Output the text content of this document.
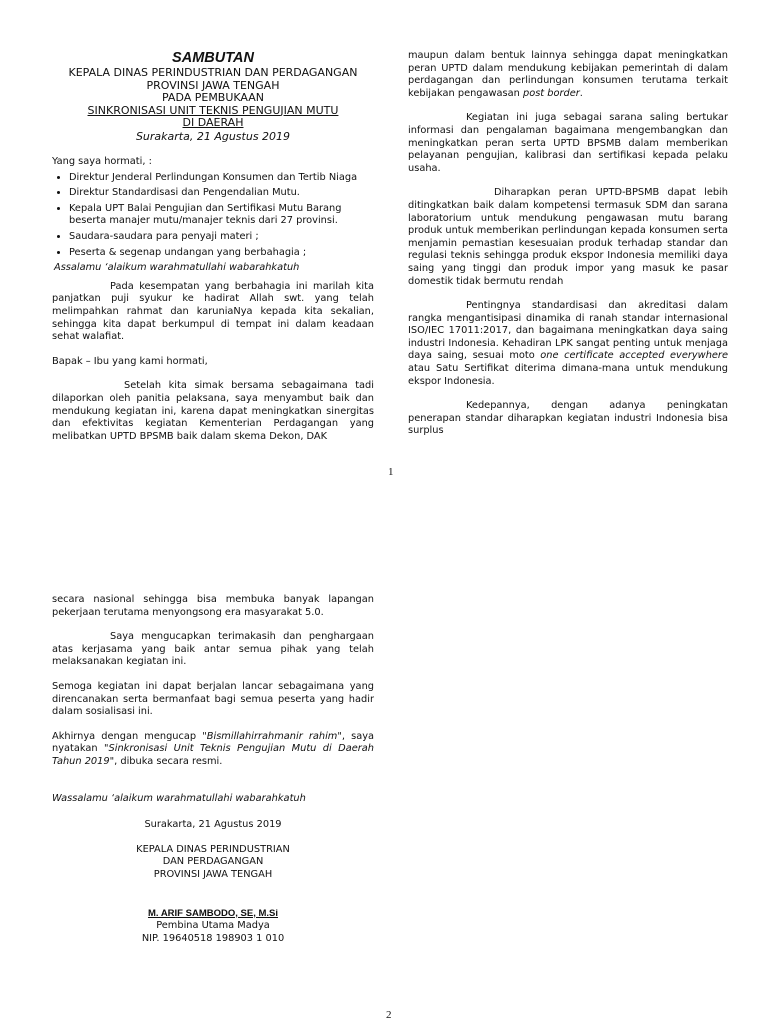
SAMBUTAN
KEPALA DINAS PERINDUSTRIAN DAN PERDAGANGAN
PROVINSI JAWA TENGAH
PADA PEMBUKAAN
SINKRONISASI UNIT TEKNIS PENGUJIAN MUTU
DI DAERAH
Surakarta, 21 Agustus 2019

Yang saya hormati, :

• Direktur Jenderal Perlindungan Konsumen dan Tertib Niaga
• Direktur Standardisasi dan Pengendalian Mutu.
• Kepala UPT Balai Pengujian dan Sertifikasi Mutu Barang beserta manajer mutu/manajer teknis dari 27 provinsi.
• Saudara-saudara para penyaji materi ;
• Peserta & segenap undangan yang berbahagia ;

Assalamu ‘alaikum warahmatullahi wabarahkatuh

Pada kesempatan yang berbahagia ini marilah kita panjatkan puji syukur ke hadirat Allah swt. yang telah melimpahkan rahmat dan karuniaNya kepada kita sekalian, sehingga kita dapat berkumpul di tempat ini dalam keadaan sehat walafiat.

Bapak – Ibu yang kami hormati,

Setelah kita simak bersama sebagaimana tadi dilaporkan oleh panitia pelaksana, saya menyambut baik dan mendukung kegiatan ini, karena dapat meningkatkan sinergitas dan efektivitas kegiatan Kementerian Perdagangan yang melibatkan UPTD BPSMB baik dalam skema Dekon, DAK

maupun dalam bentuk lainnya sehingga dapat meningkatkan peran UPTD dalam mendukung kebijakan pemerintah di dalam perdagangan dan perlindungan konsumen terutama terkait kebijakan pengawasan post border.

Kegiatan ini juga sebagai sarana saling bertukar informasi dan pengalaman bagaimana mengembangkan dan meningkatkan peran serta UPTD BPSMB dalam memberikan pelayanan pengujian, kalibrasi dan sertifikasi kepada pelaku usaha.

Diharapkan peran UPTD-BPSMB dapat lebih ditingkatkan baik dalam kompetensi termasuk SDM dan sarana laboratorium untuk mendukung pengawasan mutu barang produk untuk memberikan perlindungan kepada konsumen serta menjamin pemastian kesesuaian produk terhadap standar dan regulasi teknis sehingga produk ekspor Indonesia memiliki daya saing yang tinggi dan produk impor yang masuk ke pasar domestik tidak bermutu rendah

Pentingnya standardisasi dan akreditasi dalam rangka mengantisipasi dinamika di ranah standar internasional ISO/IEC 17011:2017, dan bagaimana meningkatkan daya saing industri Indonesia. Kehadiran LPK sangat penting untuk menjaga daya saing, sesuai moto one certificate accepted everywhere atau Satu Sertifikat diterima dimana-mana untuk mendukung ekspor Indonesia.

Kedepannya, dengan adanya peningkatan penerapan standar diharapkan kegiatan industri Indonesia bisa surplus

1

secara nasional sehingga bisa membuka banyak lapangan pekerjaan terutama menyongsong era masyarakat 5.0.

Saya mengucapkan terimakasih dan penghargaan atas kerjasama yang baik antar semua pihak yang telah melaksanakan kegiatan ini.

Semoga kegiatan ini dapat berjalan lancar sebagaimana yang direncanakan serta bermanfaat bagi semua peserta yang hadir dalam sosialisasi ini.

Akhirnya dengan mengucap "Bismillahirrahmanir rahim", saya nyatakan "Sinkronisasi Unit Teknis Pengujian Mutu di Daerah Tahun 2019", dibuka secara resmi.

Wassalamu ‘alaikum warahmatullahi wabarahkatuh

Surakarta, 21 Agustus 2019
KEPALA DINAS PERINDUSTRIAN
DAN PERDAGANGAN
PROVINSI JAWA TENGAH
M. ARIF SAMBODO, SE, M.Si
Pembina Utama Madya
NIP. 19640518 198903 1 010
2
